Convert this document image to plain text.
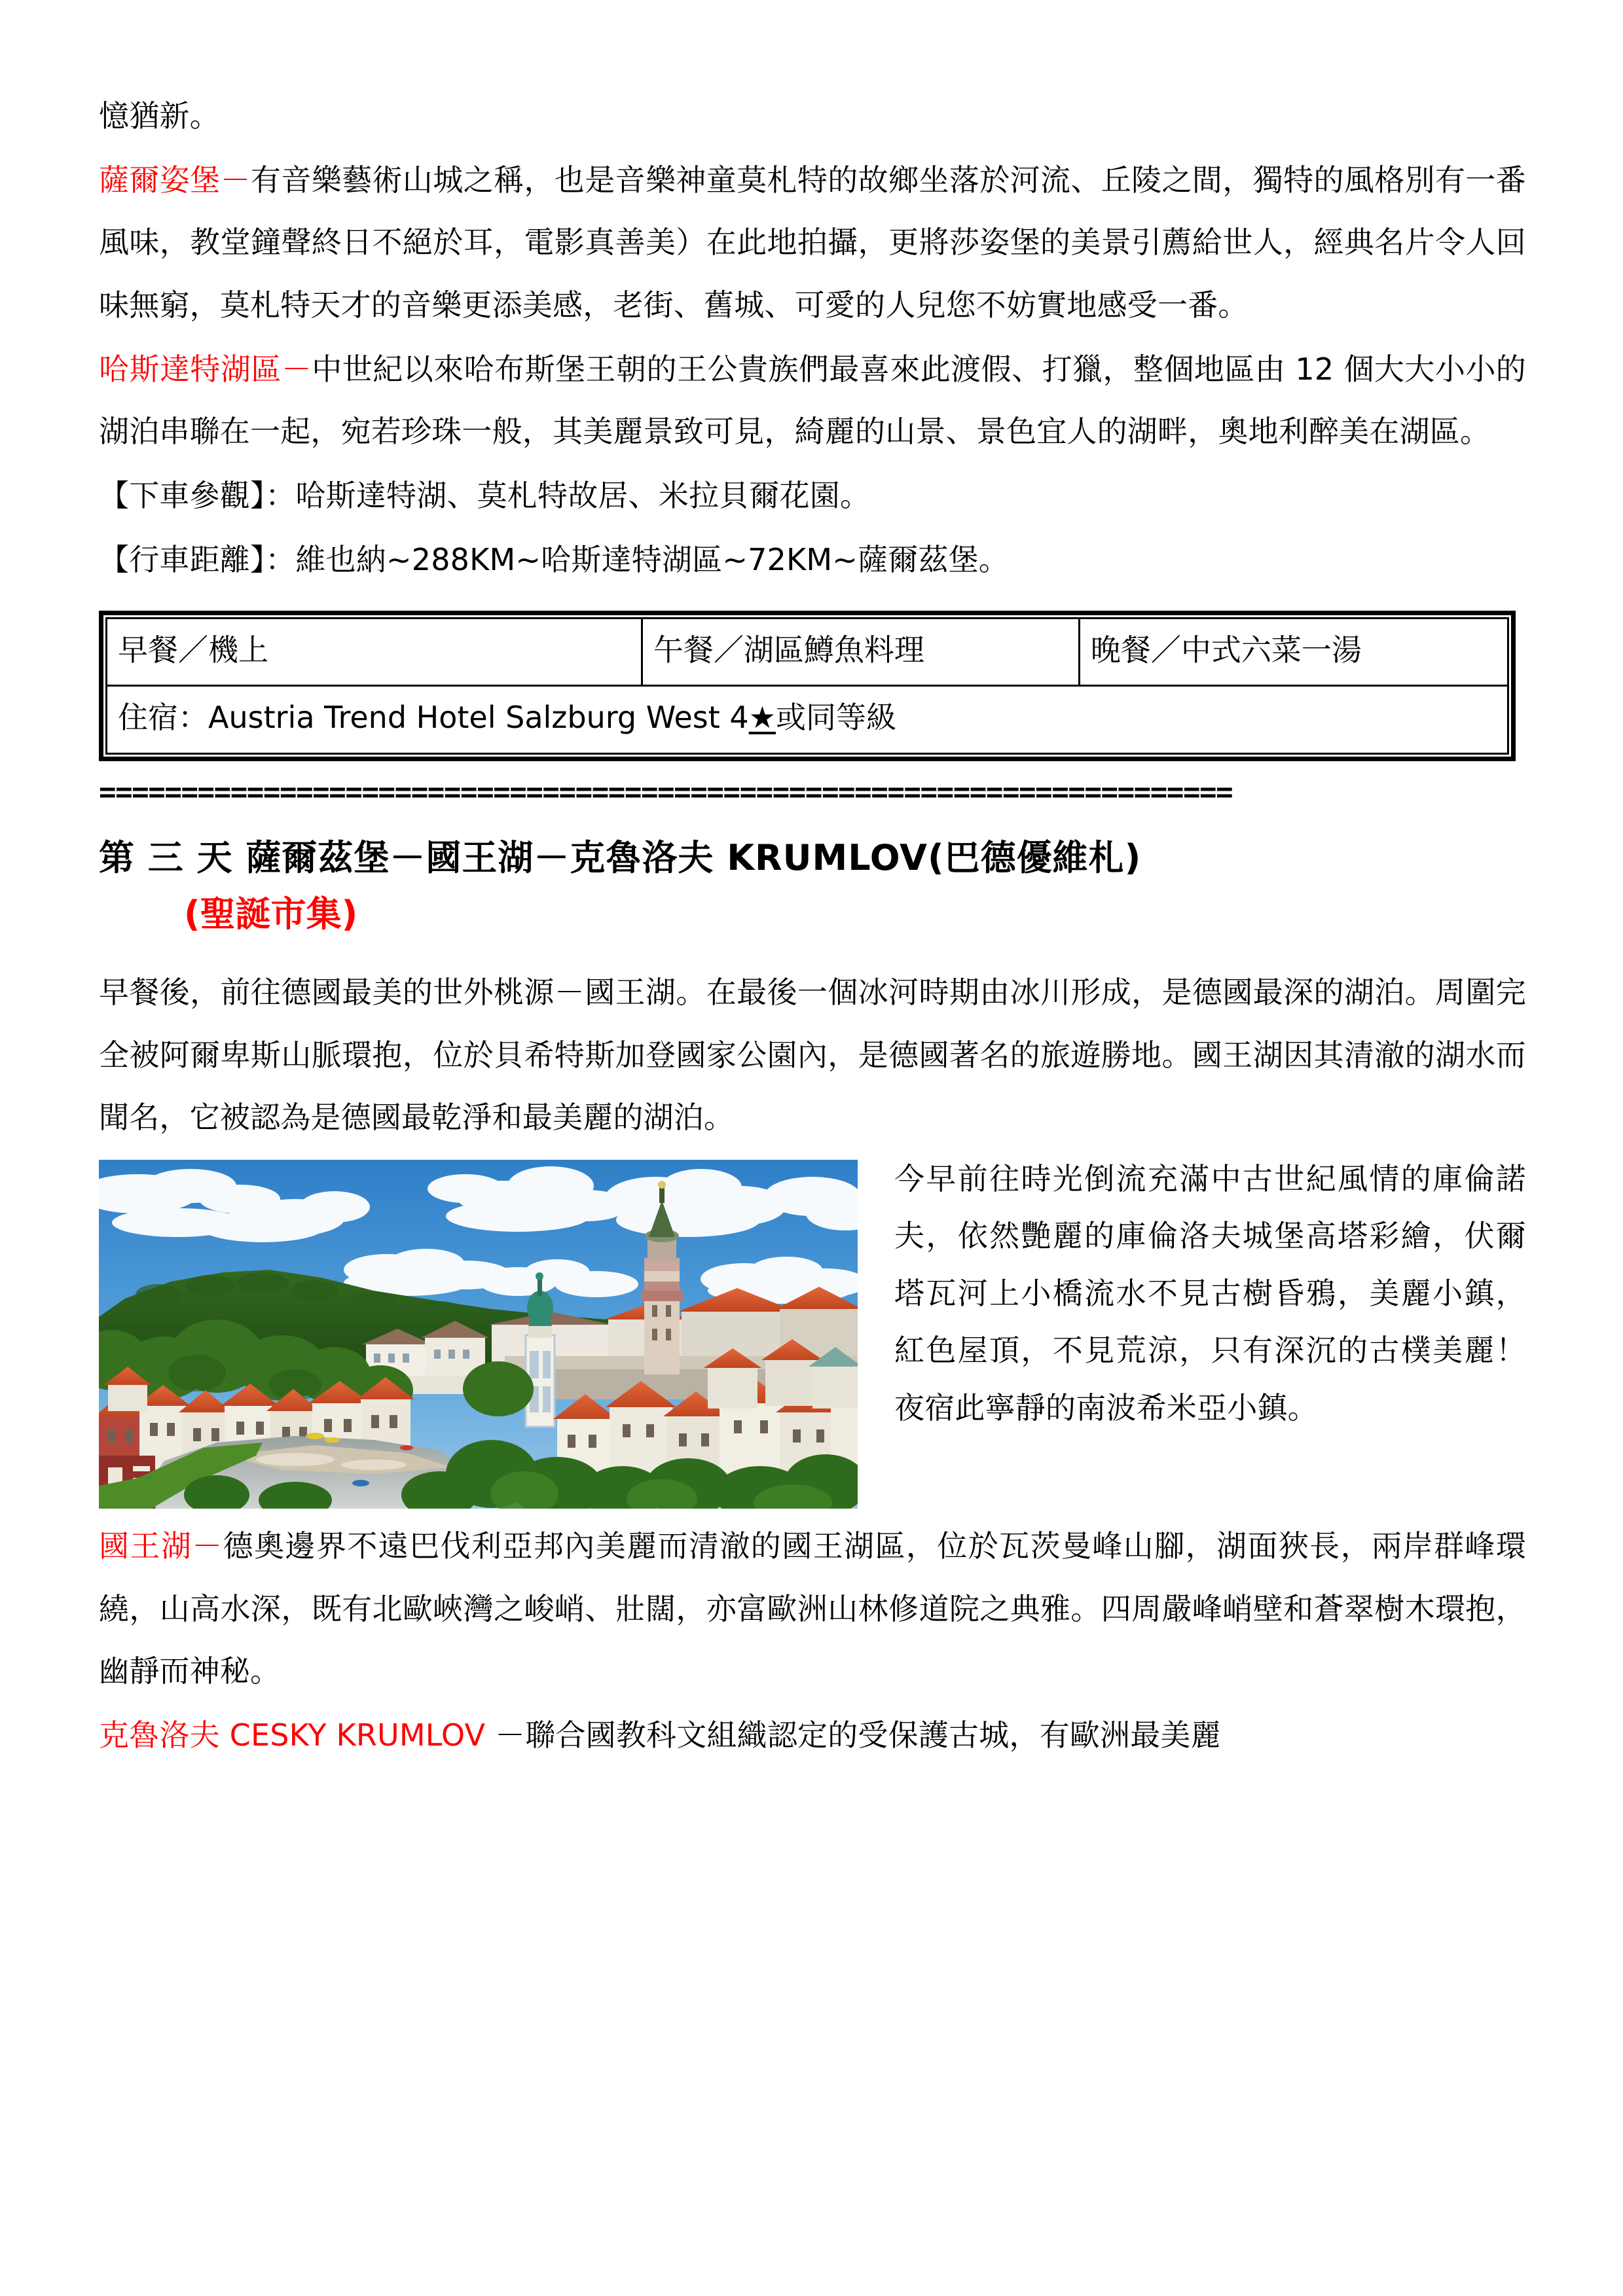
憶猶新。

薩爾姿堡－有音樂藝術山城之稱，也是音樂神童莫札特的故鄉坐落於河流、丘陵之間，獨特的風格別有一番風味，教堂鐘聲終日不絕於耳，電影真善美）在此地拍攝，更將莎姿堡的美景引薦給世人，經典名片令人回味無窮，莫札特天才的音樂更添美感，老街、舊城、可愛的人兒您不妨實地感受一番。

哈斯達特湖區－中世紀以來哈布斯堡王朝的王公貴族們最喜來此渡假、打獵，整個地區由 12 個大大小小的湖泊串聯在一起，宛若珍珠一般，其美麗景致可見，綺麗的山景、景色宜人的湖畔，奧地利醉美在湖區。

【下車參觀】：哈斯達特湖、莫札特故居、米拉貝爾花園。

【行車距離】：維也納~288KM~哈斯達特湖區~72KM~薩爾茲堡。

早餐／機上	午餐／湖區鱒魚料理	晚餐／中式六菜一湯
住宿：Austria Trend Hotel Salzburg West 4★或同等級
=====================================================================

第 三 天 薩爾茲堡－國王湖－克魯洛夫 KRUMLOV(巴德優維札)

(聖誕市集)

早餐後，前往德國最美的世外桃源－國王湖。在最後一個冰河時期由冰川形成，是德國最深的湖泊。周圍完全被阿爾卑斯山脈環抱，位於貝希特斯加登國家公園內，是德國著名的旅遊勝地。國王湖因其清澈的湖水而聞名，它被認為是德國最乾淨和最美麗的湖泊。

今早前往時光倒流充滿中古世紀風情的庫倫諾夫，依然艷麗的庫倫洛夫城堡高塔彩繪，伏爾塔瓦河上小橋流水不見古樹昏鴉，美麗小鎮，紅色屋頂，不見荒涼，只有深沉的古樸美麗！夜宿此寧靜的南波希米亞小鎮。

國王湖－德奧邊界不遠巴伐利亞邦內美麗而清澈的國王湖區，位於瓦茨曼峰山腳，湖面狹長，兩岸群峰環繞，山高水深，既有北歐峽灣之峻峭、壯闊，亦富歐洲山林修道院之典雅。四周嚴峰峭壁和蒼翠樹木環抱，幽靜而神秘。

克魯洛夫 CESKY KRUMLOV －聯合國教科文組織認定的受保護古城，有歐洲最美麗
